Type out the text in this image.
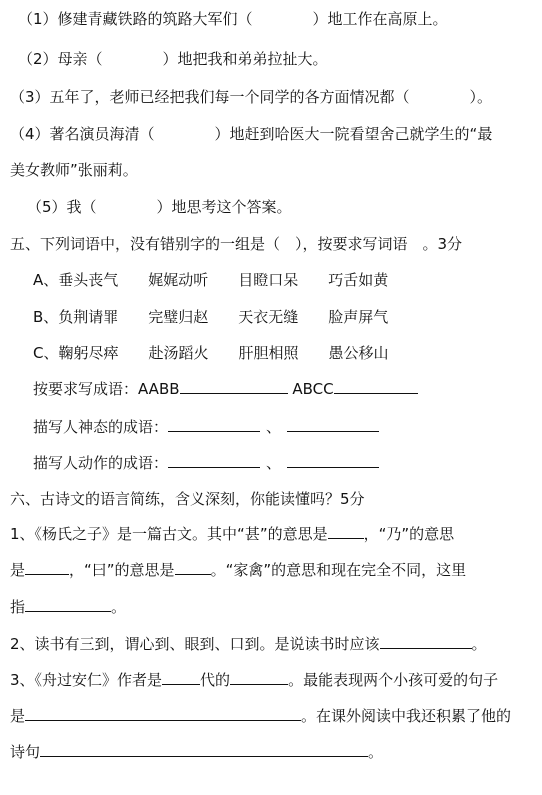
（1）修建青藏铁路的筑路大军们（　　　　）地工作在高原上。
（2）母亲（　　　　）地把我和弟弟拉扯大。
（3）五年了，老师已经把我们每一个同学的各方面情况都（　　　　）。
（4）著名演员海清（　　　　）地赶到哈医大一院看望舍己就学生的“最
美女教师”张丽莉。
（5）我（　　　　）地思考这个答案。
五、下列词语中，没有错别字的一组是（　），按要求写词语　。3分
A、垂头丧气　　娓娓动听　　目瞪口呆　　巧舌如黄
B、负荆请罪　　完璧归赵　　天衣无缝　　脸声屏气
C、鞠躬尽瘁　　赴汤蹈火　　肝胆相照　　愚公移山
按要求写成语：AABB	ABCC
描写人神态的成语：	、
描写人动作的成语：	、
六、古诗文的语言简练，含义深刻，你能读懂吗？5分
1、《杨氏之子》是一篇古文。其中“甚”的意思是 ，“乃”的意思
是	，“曰”的意思是 。“家禽”的意思和现在完全不同，这里
指	。
2、读书有三到，谓心到、眼到、口到。是说读书时应该	。
3、《舟过安仁》作者是	代的	。最能表现两个小孩可爱的句子
是	。在课外阅读中我还积累了他的
诗句	。
